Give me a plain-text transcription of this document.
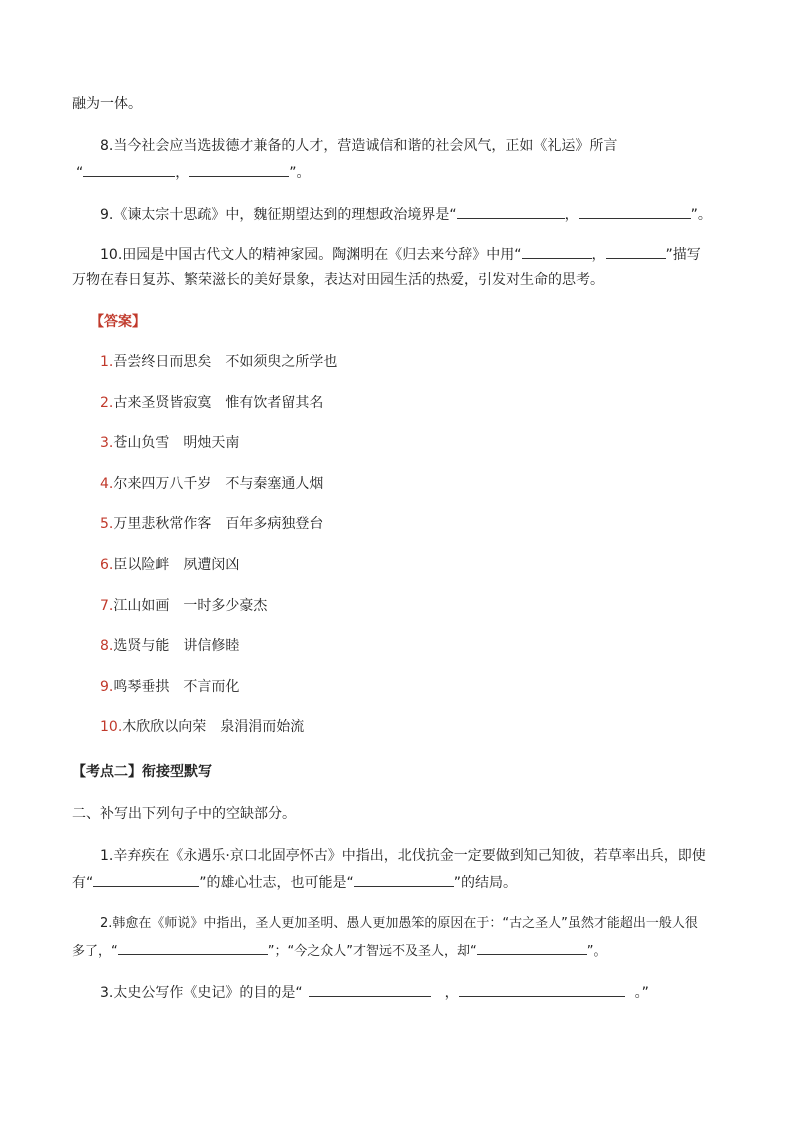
融为一体。
8.当今社会应当选拔德才兼备的人才，营造诚信和谐的社会风气，正如《礼运》所言
“	，	”。
9.《谏太宗十思疏》中，魏征期望达到的理想政治境界是“	，	”。
10.田园是中国古代文人的精神家园。陶渊明在《归去来兮辞》中用“	，	”描写
万物在春日复苏、繁荣滋长的美好景象，表达对田园生活的热爱，引发对生命的思考。
【答案】
1.吾尝终日而思矣　不如须臾之所学也
2.古来圣贤皆寂寞　惟有饮者留其名
3.苍山负雪　明烛天南
4.尔来四万八千岁　不与秦塞通人烟
5.万里悲秋常作客　百年多病独登台
6.臣以险衅　夙遭闵凶
7.江山如画　一时多少豪杰
8.选贤与能　讲信修睦
9.鸣琴垂拱　不言而化
10.木欣欣以向荣　泉涓涓而始流
【考点二】衔接型默写
二、补写出下列句子中的空缺部分。
1.辛弃疾在《永遇乐·京口北固亭怀古》中指出，北伐抗金一定要做到知己知彼，若草率出兵，即使
有“	”的雄心壮志，也可能是“	”的结局。
2.韩愈在《师说》中指出，圣人更加圣明、愚人更加愚笨的原因在于：“古之圣人”虽然才能超出一般人很
多了，“	”；“今之众人”才智远不及圣人，却“	”。
3.太史公写作《史记》的目的是“	，	。”
